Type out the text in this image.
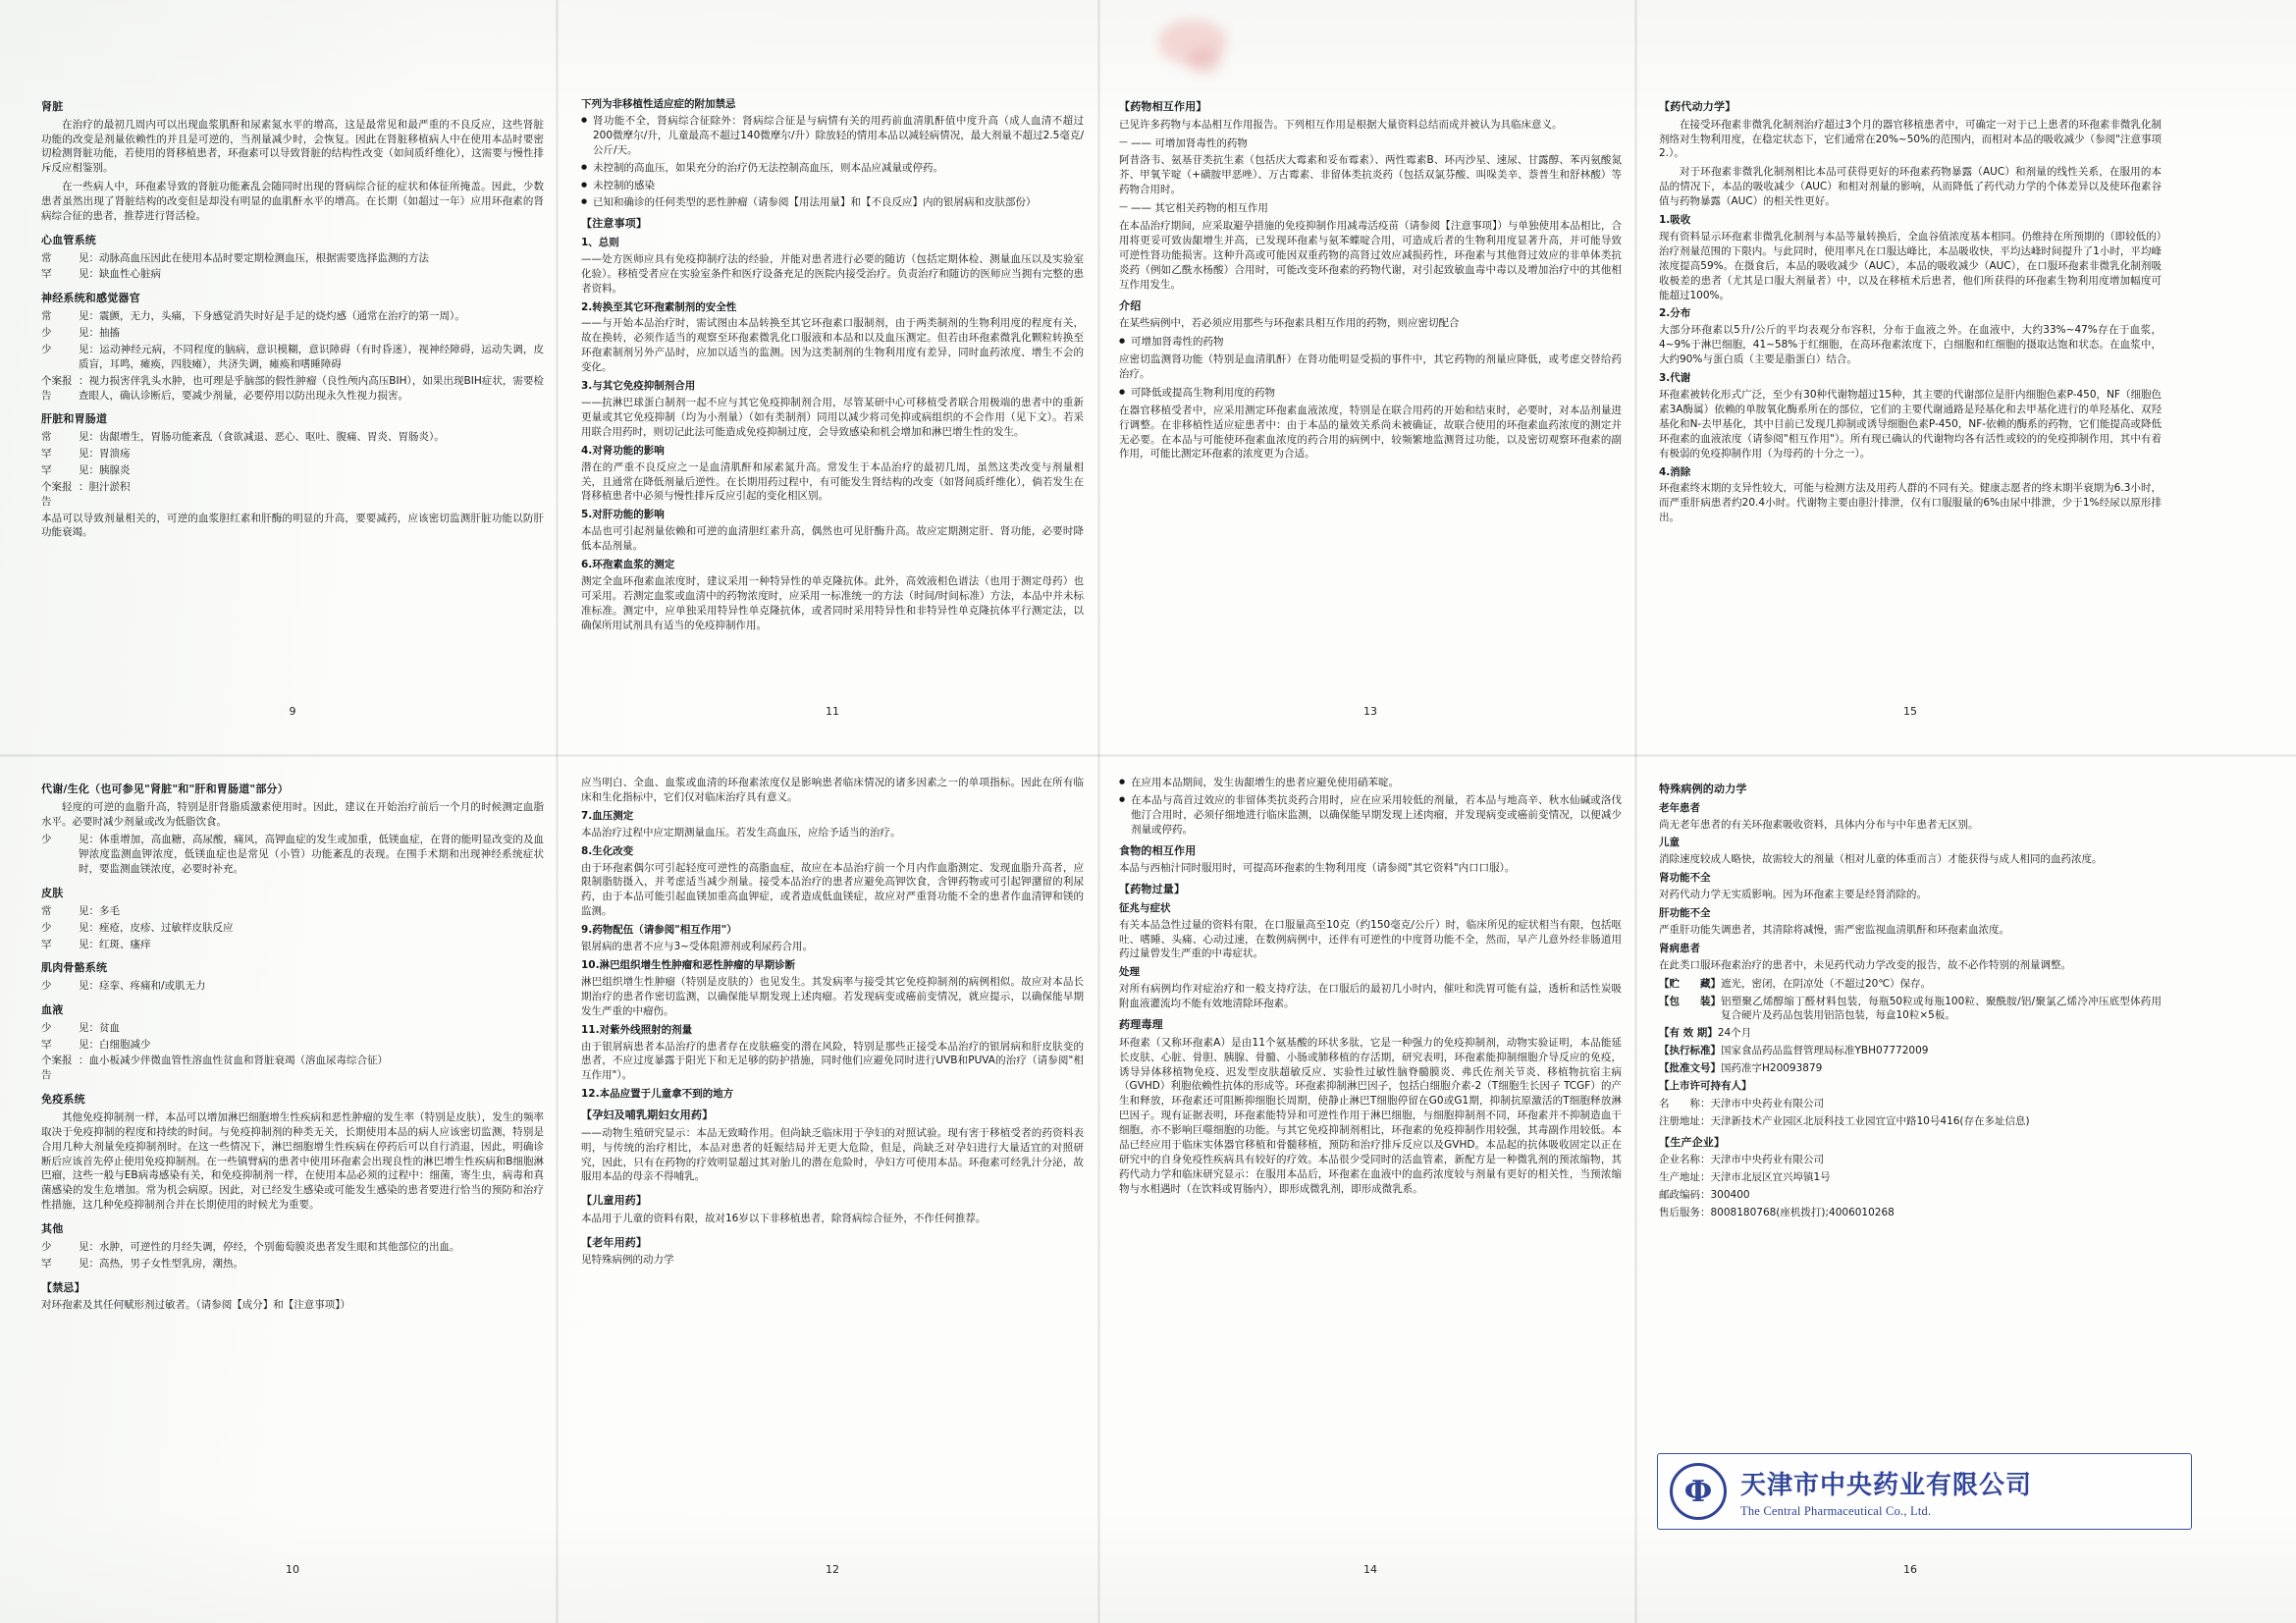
肾脏

在治疗的最初几周内可以出现血浆肌酐和尿素氮水平的增高，这是最常见和最严重的不良反应，这些肾脏功能的改变是剂量依赖性的并且是可逆的，当剂量减少时，会恢复。因此在肾脏移植病人中在使用本品时要密切检测肾脏功能，若使用的肾移植患者，环孢素可以导致肾脏的结构性改变（如间质纤维化），这需要与慢性排斥反应相鉴别。

在一些病人中，环孢素导致的肾脏功能紊乱会随同时出现的肾病综合征的症状和体征所掩盖。因此，少数患者虽然出现了肾脏结构的改变但是却没有明显的血肌酐水平的增高。在长期（如超过一年）应用环孢素的肾病综合征的患者，推荐进行肾活检。

心血管系统
常	见：动脉高血压因此在使用本品时要定期检测血压，根据需要选择监测的方法
罕	见：缺血性心脏病
神经系统和感觉器官
常	见：震颤，无力，头痛，下身感觉消失时好是手足的烧灼感（通常在治疗的第一周）。
少	见：抽搐
少	见：运动神经元病，不同程度的脑病，意识模糊，意识障碍（有时昏迷），视神经障碍，运动失调，皮质盲，耳鸣，瘫痪，四肢瘫），共济失调，瘫痪和嗜睡障碍
个案报告
：视力损害伴乳头水肿，也可理是乎脑部的假性肿瘤（良性颅内高压BIH），如果出现BIH症状，需要检查眼人，确认诊断后，要减少剂量，必要停用以防出现永久性视力损害。
肝脏和胃肠道
常	见：齿龈增生，胃肠功能紊乱（食欲减退、恶心、呕吐、腹痛、胃炎、胃肠炎）。
罕	见：胃溃疡
罕	见：胰腺炎
个案报告
：胆汁淤积

本品可以导致剂量相关的，可逆的血浆胆红素和肝酶的明显的升高，要要减药，应该密切监测肝脏功能以防肝功能衰竭。

代谢/生化（也可参见"肾脏"和"肝和胃肠道"部分）

轻度的可逆的血脂升高，特别是肝肾脂质激素使用时。因此，建议在开始治疗前后一个月的时候测定血脂水平。必要时减少剂量或改为低脂饮食。

少	见：体重增加，高血糖，高尿酸，痛风，高钾血症的发生或加重，低镁血症，在肾的能明显改变的及血钾浓度监测血钾浓度，低镁血症也是常见（小管）功能紊乱的表现。在围手术期和出现神经系统症状时，要监测血镁浓度，必要时补充。
皮肤
常	见：多毛
少	见：痤疮，皮疹、过敏样皮肤反应
罕	见：红斑、瘙痒
肌肉骨骼系统
少	见：痉挛、疼痛和/或肌无力
血液
少	见：贫血
罕	见：白细胞减少
个案报告
：血小板减少伴微血管性溶血性贫血和肾脏衰竭（溶血尿毒综合征）
免疫系统

其他免疫抑制剂一样，本品可以增加淋巴细胞增生性疾病和恶性肿瘤的发生率（特别是皮肤），发生的频率取决于免疫抑制的程度和持续的时间。与免疫抑制剂的种类无关，长期使用本品的病人应该密切监测，特别是合用几种大剂量免疫抑制剂时。在这一些情况下，淋巴细胞增生性疾病在停药后可以自行消退，因此，明确诊断后应该首先停止使用免疫抑制剂。在一些镇臂病的患者中使用环孢素会出现良性的淋巴增生性疾病和B细胞淋巴瘤，这些一般与EB病毒感染有关，和免疫抑制剂一样，在使用本品必须的过程中：细菌，寄生虫，病毒和真菌感染的发生危增加。常为机会病原。因此，对已经发生感染或可能发生感染的患者要进行恰当的预防和治疗性措施，这几种免疫抑制剂合并在长期使用的时候尤为重要。

其他
少	见：水肿，可逆性的月经失调，停经，个别葡萄膜炎患者发生眼和其他部位的出血。
罕	见：高热，男子女性型乳房，潮热。
【禁忌】

对环孢素及其任何赋形剂过敏者。（请参阅【成分】和【注意事项】）

下列为非移植性适应症的附加禁忌
● 肾功能不全，肾病综合征除外：肾病综合征是与病情有关的用药前血清肌酐值中度升高（成人血清不超过200微摩尔/升，儿童最高不超过140微摩尔/升）除放轻的情用本品以减轻病情况，最大剂量不超过2.5毫克/公斤/天。
● 未控制的高血压，如果充分的治疗仍无法控制高血压，则本品应减量或停药。
● 未控制的感染
● 已知和确诊的任何类型的恶性肿瘤（请参阅【用法用量】和【不良反应】内的银屑病和皮肤部份）
【注意事项】
1、总则

——处方医师应具有免疫抑制疗法的经验，并能对患者进行必要的随访（包括定期体检、测量血压以及实验室化验）。移植受者应在实验室条件和医疗设备充足的医院内接受治疗。负责治疗和随访的医师应当拥有完整的患者资料。

2.转换至其它环孢素制剂的安全性

——与开始本品治疗时，需试图由本品转换至其它环孢素口服制剂，由于两类制剂的生物利用度的程度有关，故在换转，必须作适当的观察至环孢素微乳化口服液和本品和以及血压测定。但若由环孢素微乳化颗粒转换至环孢素制剂另外产品时，应加以适当的监测。因为这类制剂的生物利用度有差异，同时血药浓度、增生不会的变化。

3.与其它免疫抑制剂合用

——抗淋巴球蛋白制剂一起不应与其它免疫抑制剂合用，尽管某研中心可移植受者联合用极端的患者中的重新更量或其它免疫抑制（均为小剂量）（如有类制剂）同用以减少将司免抑或病组织的不会作用（见下文）。若采用联合用药时，则切记此法可能造成免疫抑制过度，会导致感染和机会增加和淋巴增生性的发生。

4.对肾功能的影响

潜在的严重不良反应之一是血清肌酐和尿素氮升高。常发生于本品治疗的最初几周，虽然这类改变与剂量相关，且通常在降低剂量后逆性。在长期用药过程中，有可能发生肾结构的改变（如肾间质纤维化），倘若发生在肾移植患者中必须与慢性排斥反应引起的变化相区别。

5.对肝功能的影响

本品也可引起剂量依赖和可逆的血清胆红素升高，偶然也可见肝酶升高。故应定期测定肝、肾功能，必要时降低本品剂量。

6.环孢素血浆的测定

测定全血环孢素血浓度时，建议采用一种特异性的单克隆抗体。此外，高效液相色谱法（也用于测定母药）也可采用。若测定血浆或血清中的药物浓度时，应采用一标准统一的方法（时间/时间标准）方法，本品中并未标准标准。测定中，应单独采用特异性单克隆抗体，或者同时采用特异性和非特异性单克隆抗体平行测定法，以确保所用试剂具有适当的免疫抑制作用。

应当明白、全血、血浆或血清的环孢素浓度仅是影响患者临床情况的诸多因素之一的单项指标。因此在所有临床和生化指标中，它们仅对临床治疗具有意义。

7.血压测定

本品治疗过程中应定期测量血压。若发生高血压，应给予适当的治疗。

8.生化改变

由于环孢素偶尔可引起轻度可逆性的高脂血症，故应在本品治疗前一个月内作血脂测定、发现血脂升高者，应限制脂肪摄入，并考虑适当减少剂量。接受本品治疗的患者应避免高钾饮食，含钾药物或可引起钾潴留的利尿药，由于本品可能引起血镁加重高血钾症，或者造成低血镁症，故应对严重肾功能不全的患者作血清钾和镁的监测。

9.药物配伍（请参阅"相互作用"）

银屑病的患者不应与3~受体阻滞剂或利尿药合用。

10.淋巴组织增生性肿瘤和恶性肿瘤的早期诊断

淋巴组织增生性肿瘤（特别是皮肤的）也见发生。其发病率与接受其它免疫抑制剂的病例相似。故应对本品长期治疗的患者作密切监测，以确保能早期发现上述肉瘤。若发现病变或癌前变情况，就应提示，以确保能早期发生严重的中瘤伤。

11.对紫外线照射的剂量

由于银屑病患者本品治疗的患者存在皮肤癌变的潜在风险，特别是那些正接受本品治疗的银屑病和肝皮肤变的患者，不应过度暴露于阳光下和无足够的防护措施，同时他们应避免同时进行UVB和PUVA的治疗（请参阅"相互作用"）。

12.本品应置于儿童拿不到的地方
【孕妇及哺乳期妇女用药】

——动物生殖研究显示：本品无致畸作用。但尚缺乏临床用于孕妇的对照试验。现有害于移植受者的药资料表明，与传统的治疗相比，本品对患者的妊娠结局并无更大危险，但是，尚缺乏对孕妇进行大量适宜的对照研究，因此，只有在药物的疗效明显超过其对胎儿的潜在危险时，孕妇方可使用本品。环孢素可经乳汁分泌，故服用本品的母亲不得哺乳。

【儿童用药】

本品用于儿童的资料有限，故对16岁以下非移植患者，除肾病综合征外，不作任何推荐。

【老年用药】

见特殊病例的动力学

【药物相互作用】

已见许多药物与本品相互作用报告。下列相互作用是根据大量资料总结而成并被认为具临床意义。

— —— 可增加肾毒性的药物

阿昔洛韦、氨基苷类抗生素（包括庆大霉素和妥布霉素）、两性霉素B、环丙沙星、速尿、甘露醇、苯丙氨酸氮芥、甲氧苄啶（+磺胺甲恶唑）、万古霉素、非留体类抗炎药（包括双氯芬酸、叫哚美辛、萘普生和舒林酸）等药物合用时。

— —— 其它相关药物的相互作用

在本品治疗期间，应采取避孕措施的免疫抑制作用减毒活疫苗（请参阅【注意事项】）与单独使用本品相比，合用将更妥可致齿龈增生并高，已发现环孢素与氨苯蝶啶合用，可造成后者的生物利用度显著升高，并可能导致可逆性肾功能损害。这种升高或可能因双重药物的高肾过效应减损药性，环孢素与其他肾过效应的非单体类抗炎药（例如乙酰水杨酸）合用时，可能改变环孢素的药物代谢，对引起致敏血毒中毒以及增加治疗中的其他相互作用发生。

介绍

在某些病例中，若必须应用那些与环孢素具相互作用的药物，则应密切配合

● 可增加肾毒性的药物

应密切监测肾功能（特别是血清肌酐）在肾功能明显受损的事件中，其它药物的剂量应降低，或考虑交替给药治疗。

● 可降低或提高生物利用度的药物

在器官移植受者中，应采用测定环孢素血液浓度，特别是在联合用药的开始和结束时，必要时，对本品剂量进行调整。在非移植性适应症患者中：由于本品的量效关系尚未被确证，故联合使用的环孢素血药浓度的测定并无必要。在本品与可能使环孢素血浓度的药合用的病例中，较频繁地监测肾过功能，以及密切观察环孢素的副作用，可能比测定环孢素的浓度更为合适。

● 在应用本品期间，发生齿龈增生的患者应避免使用硝苯啶。
● 在本品与高首过效应的非留体类抗炎药合用时，应在应采用较低的剂量，若本品与地高辛、秋水仙碱或洛伐他汀合用时，必须仔细地进行临床监测，以确保能早期发现上述肉瘤，并发现病变或癌前变情况，以便减少剂量或停药。
食物的相互作用

本品与西柚汁同时服用时，可提高环孢素的生物利用度（请参阅"其它资料"内口口服）。

【药物过量】
征兆与症状

有关本品急性过量的资料有限，在口服量高至10克（约150毫克/公斤）时，临床所见的症状相当有限，包括呕吐、嗜睡、头痛、心动过速，在数例病例中，还伴有可逆性的中度肾功能不全，然而，早产儿意外经非肠道用药过量曾发生严重的中毒症状。

处理

对所有病例均作对症治疗和一般支持疗法，在口服后的最初几小时内，催吐和洗胃可能有益，透析和活性炭吸附血液灌流均不能有效地清除环孢素。

药理毒理

环孢素（又称环孢素A）是由11个氨基酸的环状多肽，它是一种强力的免疫抑制剂，动物实验证明，本品能延长皮肤、心脏、骨胆、胰腺、骨髓、小肠或肺移植的存活期，研究表明，环孢素能抑制细胞介导反应的免疫，诱导异体移植物免疫、迟发型皮肤超敏反应、实验性过敏性脑脊髓膜炎、弗氏佐剂关节炎、移植物抗宿主病（GVHD）利胞依赖性抗体的形成等。环孢素抑制淋巴因子，包括白细胞介素-2（T细胞生长因子 TCGF）的产生和释放，环孢素还可阻断抑细胞长周期，使静止淋巴T细胞停留在G0或G1期，抑制抗原激活的T细胞释放淋巴因子。现有证据表明，环孢素能特异和可逆性作用于淋巴细胞，与细胞抑制剂不同，环孢素并不抑制造血干细胞，亦不影响巨噬细胞的功能。与其它免疫抑制剂相比，环孢素的免疫抑制作用较强，其毒副作用较低。本品已经应用于临床实体器官移植和骨髓移植，预防和治疗排斥反应以及GVHD。本品起的抗体吸收固定以正在研究中的自身免疫性疾病具有较好的疗效。本品很少受同时的活血管素，新配方是一种微乳剂的预浓缩物，其药代动力学和临床研究显示：在服用本品后，环孢素在血液中的血药浓度较与剂量有更好的相关性，当预浓缩物与水相遇时（在饮料或胃肠内），即形成微乳剂，即形成微乳系。

【药代动力学】

在接受环孢素非微乳化制剂治疗超过3个月的器官移植患者中，可确定一对于已上患者的环孢素非微乳化制剂络对生物利用度，在稳定状态下，它们通常在20%~50%的范围内，而相对本品的吸收减少（参阅"注意事项2.）。

对于环孢素非微乳化制剂相比本品可获得更好的环孢素药物暴露（AUC）和剂量的线性关系，在服用的本品的情况下，本品的吸收减少（AUC）和相对剂量的影响，从而降低了药代动力学的个体差异以及使环孢素谷值与药物暴露（AUC）的相关性更好。

1.吸收

现有资料显示环孢素非微乳化制剂与本品等量转换后，全血谷值浓度基本相同。仍维持在所预期的（即较低的）治疗剂量范围的下限内。与此同时，使用率凡在口服达峰比，本品吸收快，平均达峰时间提升了1小时，平均峰浓度提高59%。在摄食后，本品的吸收减少（AUC），本品的吸收减少（AUC），在口服环孢素非微乳化制剂吸收极差的患者（尤其是口服大剂量者）中，以及在移植术后患者，他们所获得的环孢素生物利用度增加幅度可能超过100%。

2.分布

大部分环孢素以5升/公斤的平均表观分布容积，分布于血液之外。在血液中，大约33%~47%存在于血浆，4~9%于淋巴细胞，41~58%于红细胞，在高环孢素浓度下，白细胞和红细胞的摄取达饱和状态。在血浆中，大约90%与蛋白质（主要是脂蛋白）结合。

3.代谢

环孢素被转化形式广泛，至少有30种代谢物超过15种，其主要的代谢部位是肝内细胞色素P-450，NF（细胞色素3A酶属）依赖的单胺氧化酶系所在的部位，它们的主要代谢通路是羟基化和去甲基化进行的单羟基化、双羟基化和N-去甲基化，其中目前已发现几抑制或诱导细胞色素P-450，NF-依赖的酶系的药物，它们能提高或降低环孢素的血液浓度（请参阅"相互作用"）。所有现已确认的代谢物均各有活性或较的的免疫抑制作用，其中有着有极弱的免疫抑制作用（为母药的十分之一）。

4.消除

环孢素终末期的支异性较大，可能与检测方法及用药人群的不同有关。健康志愿者的终末期半衰期为6.3小时，而严重肝病患者约20.4小时。代谢物主要由胆汁排泄，仅有口服服量的6%由尿中排泄，少于1%经尿以原形排出。

特殊病例的动力学
老年患者

尚无老年患者的有关环孢素吸收资料，具体内分布与中年患者无区别。

儿童

消除速度较成人略快，故需较大的剂量（相对儿童的体重而言）才能获得与成人相同的血药浓度。

肾功能不全

对药代动力学无实质影响。因为环孢素主要是经肾消除的。

肝功能不全

严重肝功能失调患者，其清除将减慢，需严密监视血清肌酐和环孢素血浓度。

肾病患者

在此类口服环孢素治疗的患者中，未见药代动力学改变的报告，故不必作特别的剂量调整。

【贮　　藏】 遮光，密闭，在阴凉处（不超过20℃）保存。
【包　　装】 铝塑聚乙烯醇缩丁醛材料包装，每瓶50粒或每瓶100粒、聚酰胺/铝/聚氯乙烯冷冲压底型体药用复合硬片及药品包装用铝箔包装，每盒10粒×5板。
【有 效 期】 24个月
【执行标准】 国家食品药品监督管理局标准YBH07772009
【批准文号】 国药准字H20093879
【上市许可持有人】
名　　称：天津市中央药业有限公司
注册地址：天津新技术产业园区北辰科技工业园宜宣中路10号416(存在多址信息)
【生产企业】
企业名称：天津市中央药业有限公司
生产地址：天津市北辰区宜兴埠镇1号
邮政编码：300400
售后服务：8008180768(座机拨打);4006010268
Ф	天津市中央药业有限公司
The Central Pharmaceutical Co., Ltd.
9	11	13	15
10	12	14	16
